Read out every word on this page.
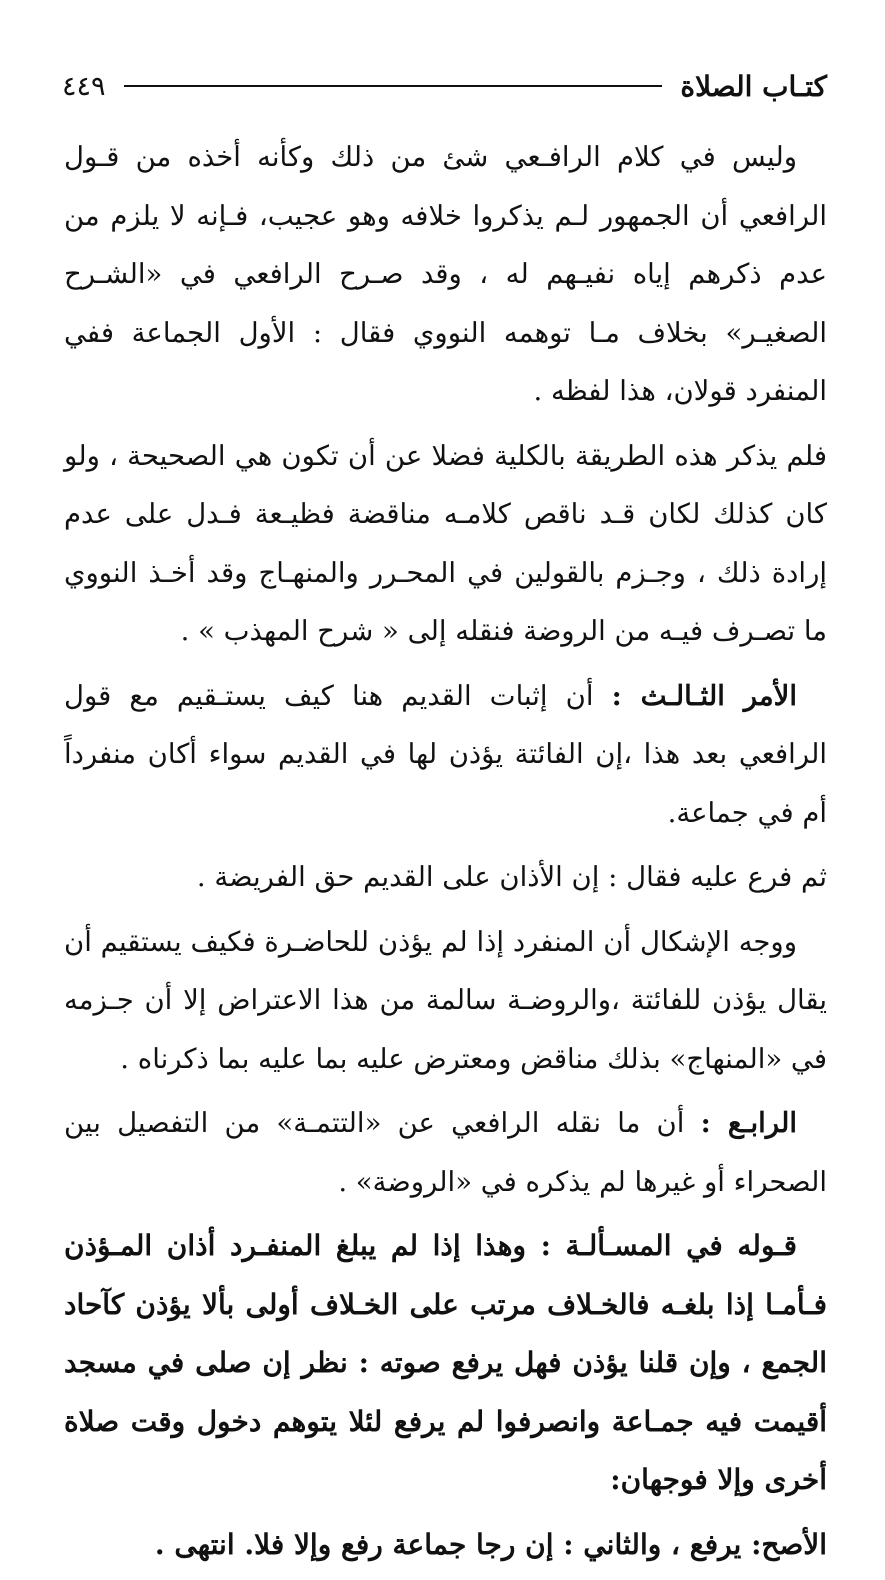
كتـاب الصلاة
٤٤٩

وليس في كلام الرافـعي شئ من ذلك وكأنه أخذه من قـول الرافعي أن الجمهور لـم يذكروا خلافه وهو عجيب، فـإنه لا يلزم من عدم ذكرهم إياه نفيـهم له ، وقد صـرح الرافعي في «الشـرح الصغيـر» بخلاف مـا توهمه النووي فقال : الأول الجماعة ففي المنفرد قولان، هذا لفظه .

فلم يذكر هذه الطريقة بالكلية فضلا عن أن تكون هي الصحيحة ، ولو كان كذلك لكان قـد ناقص كلامـه مناقضة فظيـعة فـدل على عدم إرادة ذلك ، وجـزم بالقولين في المحـرر والمنهـاج وقد أخـذ النووي ما تصـرف فيـه من الروضة فنقله إلى « شرح المهذب » .

الأمر الثـالـث : أن إثبات القديم هنا كيف يستـقيم مع قول الرافعي بعد هذا ،إن الفائتة يؤذن لها في القديم سواء أكان منفرداً أم في جماعة.

ثم فرع عليه فقال : إن الأذان على القديم حق الفريضة .

ووجه الإشكال أن المنفرد إذا لم يؤذن للحاضـرة فكيف يستقيم أن يقال يؤذن للفائتة ،والروضـة سالمة من هذا الاعتراض إلا أن جـزمه في «المنهاج» بذلك مناقض ومعترض عليه بما عليه بما ذكرناه .

الرابـع : أن ما نقله الرافعي عن «التتمـة» من التفصيل بين الصحراء أو غيرها لم يذكره في «الروضة» .

قـوله في المسـألـة : وهذا إذا لم يبلغ المنفـرد أذان المـؤذن فـأمـا إذا بلغـه فالخـلاف مرتب على الخـلاف أولى بألا يؤذن كآحاد الجمع ، وإن قلنا يؤذن فهل يرفع صوته : نظر إن صلى في مسجد أقيمت فيه جمـاعة وانصرفوا لم يرفع لئلا يتوهم دخول وقت صلاة أخرى وإلا فوجهان:

الأصح: يرفع ، والثاني : إن رجا جماعة رفع وإلا فلا. انتهى .
